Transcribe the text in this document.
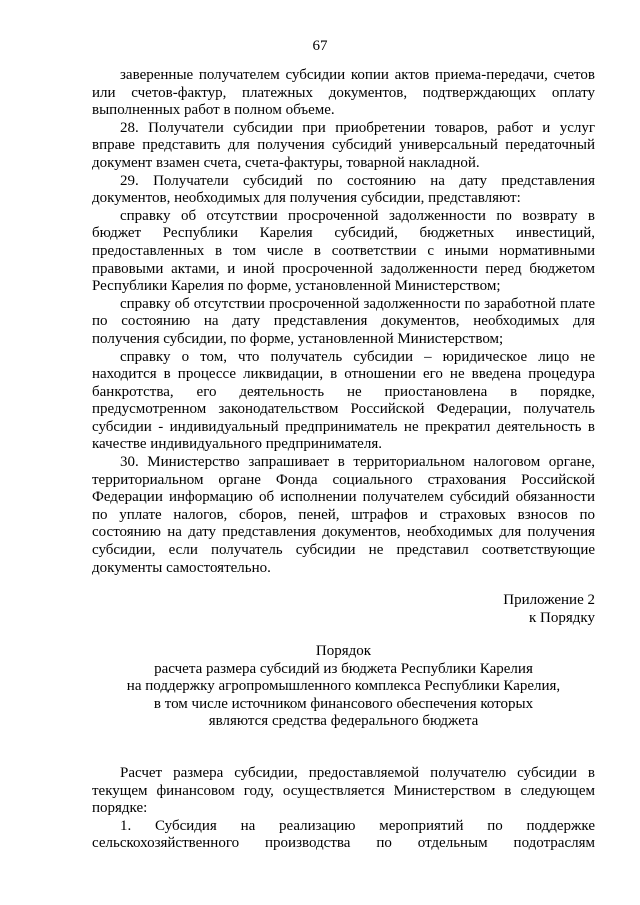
67

заверенные получателем субсидии копии актов приема-передачи, счетов или счетов-фактур, платежных документов, подтверждающих оплату выполненных работ в полном объеме.

28. Получатели субсидии при приобретении товаров, работ и услуг вправе представить для получения субсидий универсальный передаточный документ взамен счета, счета-фактуры, товарной накладной.

29. Получатели субсидий по состоянию на дату представления документов, необходимых для получения субсидии, представляют:

справку об отсутствии просроченной задолженности по возврату в бюджет Республики Карелия субсидий, бюджетных инвестиций, предоставленных в том числе в соответствии с иными нормативными правовыми актами, и иной просроченной задолженности перед бюджетом Республики Карелия по форме, установленной Министерством;

справку об отсутствии просроченной задолженности по заработной плате по состоянию на дату представления документов, необходимых для получения субсидии, по форме, установленной Министерством;

справку о том, что получатель субсидии – юридическое лицо не находится в процессе ликвидации, в отношении его не введена процедура банкротства, его деятельность не приостановлена в порядке, предусмотренном законодательством Российской Федерации, получатель субсидии - индивидуальный предприниматель не прекратил деятельность в качестве индивидуального предпринимателя.

30. Министерство запрашивает в территориальном налоговом органе, территориальном органе Фонда социального страхования Российской Федерации информацию об исполнении получателем субсидий обязанности по уплате налогов, сборов, пеней, штрафов и страховых взносов по состоянию на дату представления документов, необходимых для получения субсидии, если получатель субсидии не представил соответствующие документы самостоятельно.

Приложение 2
к Порядку
Порядок
расчета размера субсидий из бюджета Республики Карелия
на поддержку агропромышленного комплекса Республики Карелия,
в том числе источником финансового обеспечения которых
являются средства федерального бюджета

Расчет размера субсидии, предоставляемой получателю субсидии в текущем финансовом году, осуществляется Министерством в следующем порядке:

1. Субсидия на реализацию мероприятий по поддержке сельскохозяйственного производства по отдельным подотраслям
